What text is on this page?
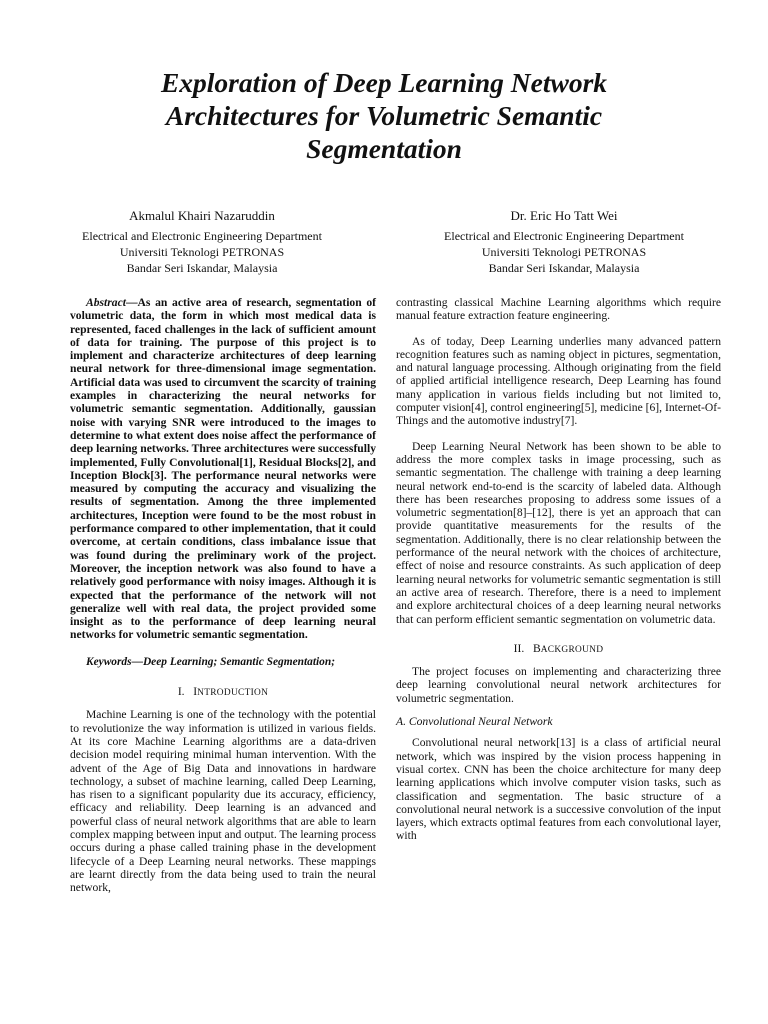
Exploration of Deep Learning Network
Architectures for Volumetric Semantic
Segmentation
Akmalul Khairi Nazaruddin
Electrical and Electronic Engineering Department
Universiti Teknologi PETRONAS
Bandar Seri Iskandar, Malaysia
Dr. Eric Ho Tatt Wei
Electrical and Electronic Engineering Department
Universiti Teknologi PETRONAS
Bandar Seri Iskandar, Malaysia

Abstract—As an active area of research, segmentation of volumetric data, the form in which most medical data is represented, faced challenges in the lack of sufficient amount of data for training. The purpose of this project is to implement and characterize architectures of deep learning neural network for three-dimensional image segmentation. Artificial data was used to circumvent the scarcity of training examples in characterizing the neural networks for volumetric semantic segmentation. Additionally, gaussian noise with varying SNR were introduced to the images to determine to what extent does noise affect the performance of deep learning networks. Three architectures were successfully implemented, Fully Convolutional[1], Residual Blocks[2], and Inception Block[3]. The performance neural networks were measured by computing the accuracy and visualizing the results of segmentation. Among the three implemented architectures, Inception were found to be the most robust in performance compared to other implementation, that it could overcome, at certain conditions, class imbalance issue that was found during the preliminary work of the project. Moreover, the inception network was also found to have a relatively good performance with noisy images. Although it is expected that the performance of the network will not generalize well with real data, the project provided some insight as to the performance of deep learning neural networks for volumetric semantic segmentation.

Keywords—Deep Learning; Semantic Segmentation;

I. INTRODUCTION

Machine Learning is one of the technology with the potential to revolutionize the way information is utilized in various fields. At its core Machine Learning algorithms are a data-driven decision model requiring minimal human intervention. With the advent of the Age of Big Data and innovations in hardware technology, a subset of machine learning, called Deep Learning, has risen to a significant popularity due its accuracy, efficiency, efficacy and reliability. Deep learning is an advanced and powerful class of neural network algorithms that are able to learn complex mapping between input and output. The learning process occurs during a phase called training phase in the development lifecycle of a Deep Learning neural networks. These mappings are learnt directly from the data being used to train the neural network,

contrasting classical Machine Learning algorithms which require manual feature extraction feature engineering.

As of today, Deep Learning underlies many advanced pattern recognition features such as naming object in pictures, segmentation, and natural language processing. Although originating from the field of applied artificial intelligence research, Deep Learning has found many application in various fields including but not limited to, computer vision[4], control engineering[5], medicine [6], Internet-Of-Things and the automotive industry[7].

Deep Learning Neural Network has been shown to be able to address the more complex tasks in image processing, such as semantic segmentation. The challenge with training a deep learning neural network end-to-end is the scarcity of labeled data. Although there has been researches proposing to address some issues of a volumetric segmentation[8]–[12], there is yet an approach that can provide quantitative measurements for the results of the segmentation. Additionally, there is no clear relationship between the performance of the neural network with the choices of architecture, effect of noise and resource constraints. As such application of deep learning neural networks for volumetric semantic segmentation is still an active area of research. Therefore, there is a need to implement and explore architectural choices of a deep learning neural networks that can perform efficient semantic segmentation on volumetric data.

II. BACKGROUND

The project focuses on implementing and characterizing three deep learning convolutional neural network architectures for volumetric segmentation.

A. Convolutional Neural Network

Convolutional neural network[13] is a class of artificial neural network, which was inspired by the vision process happening in visual cortex. CNN has been the choice architecture for many deep learning applications which involve computer vision tasks, such as classification and segmentation. The basic structure of a convolutional neural network is a successive convolution of the input layers, which extracts optimal features from each convolutional layer, with
